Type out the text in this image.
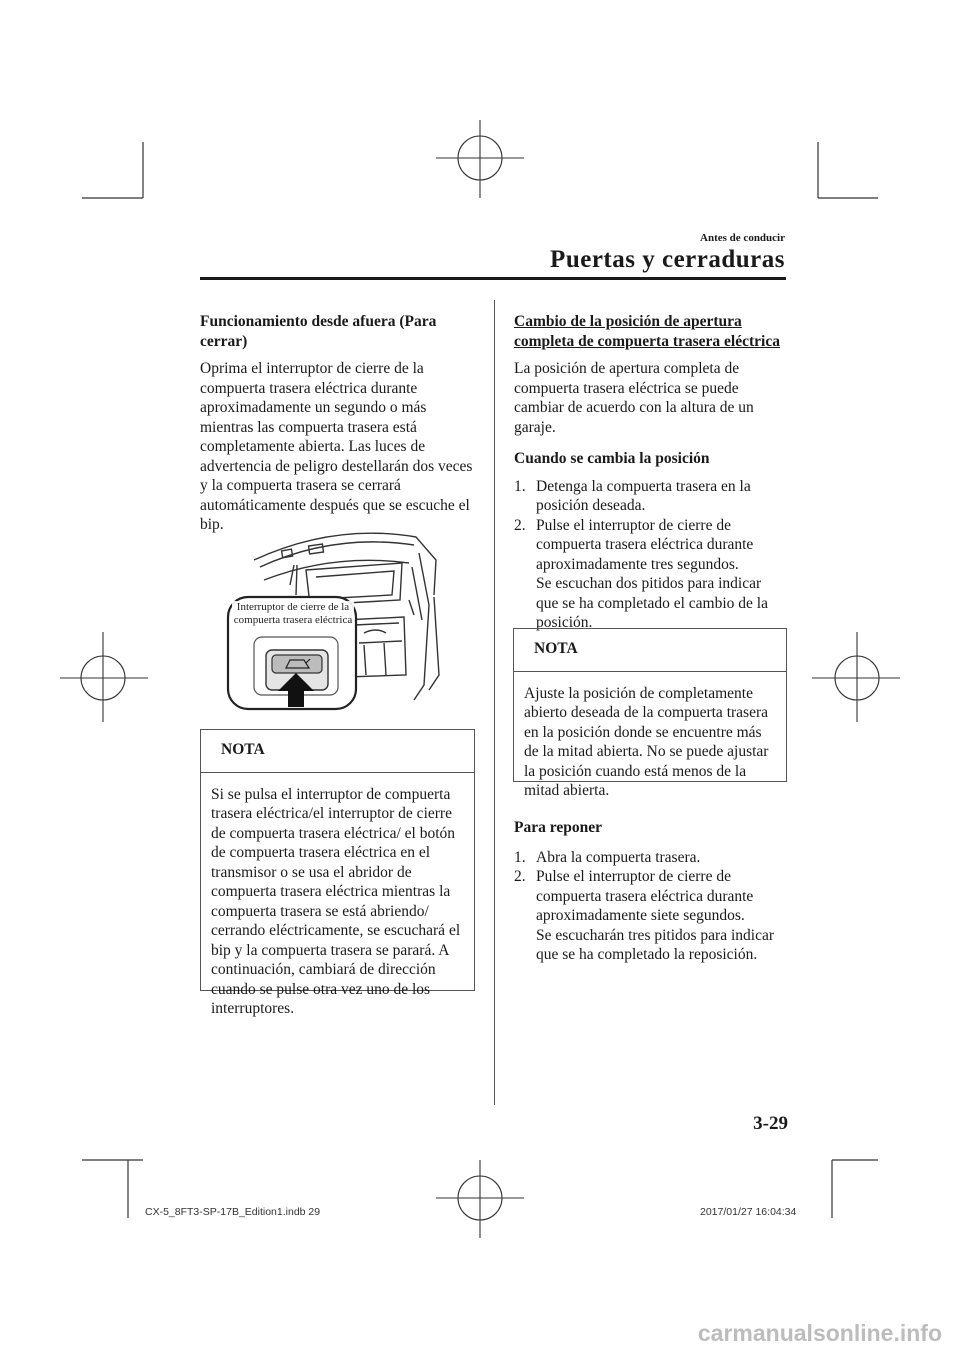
Antes de conducir
Puertas y cerraduras

Funcionamiento desde afuera (Para cerrar)

Oprima el interruptor de cierre de la compuerta trasera eléctrica durante aproximadamente un segundo o más mientras las compuerta trasera está completamente abierta. Las luces de advertencia de peligro destellarán dos veces y la compuerta trasera se cerrará automáticamente después que se escuche el bip.

Interruptor de cierre de la
compuerta trasera eléctrica
NOTA
Si se pulsa el interruptor de compuerta trasera eléctrica/el interruptor de cierre de compuerta trasera eléctrica/ el botón de compuerta trasera eléctrica en el transmisor o se usa el abridor de compuerta trasera eléctrica mientras la compuerta trasera se está abriendo/ cerrando eléctricamente, se escuchará el bip y la compuerta trasera se parará. A continuación, cambiará de dirección cuando se pulse otra vez uno de los interruptores.

Cambio de la posición de apertura completa de compuerta trasera eléctrica

La posición de apertura completa de compuerta trasera eléctrica se puede cambiar de acuerdo con la altura de un garaje.

Cuando se cambia la posición

1. Detenga la compuerta trasera en la posición deseada.
2. Pulse el interruptor de cierre de compuerta trasera eléctrica durante aproximadamente tres segundos.
Se escuchan dos pitidos para indicar que se ha completado el cambio de la posición.
NOTA
Ajuste la posición de completamente abierto deseada de la compuerta trasera en la posición donde se encuentre más de la mitad abierta. No se puede ajustar la posición cuando está menos de la mitad abierta.

Para reponer

1. Abra la compuerta trasera.
2. Pulse el interruptor de cierre de compuerta trasera eléctrica durante aproximadamente siete segundos.
Se escucharán tres pitidos para indicar que se ha completado la reposición.
3-29
CX-5_8FT3-SP-17B_Edition1.indb 29	2017/01/27 16:04:34
carmanualsonline.info
